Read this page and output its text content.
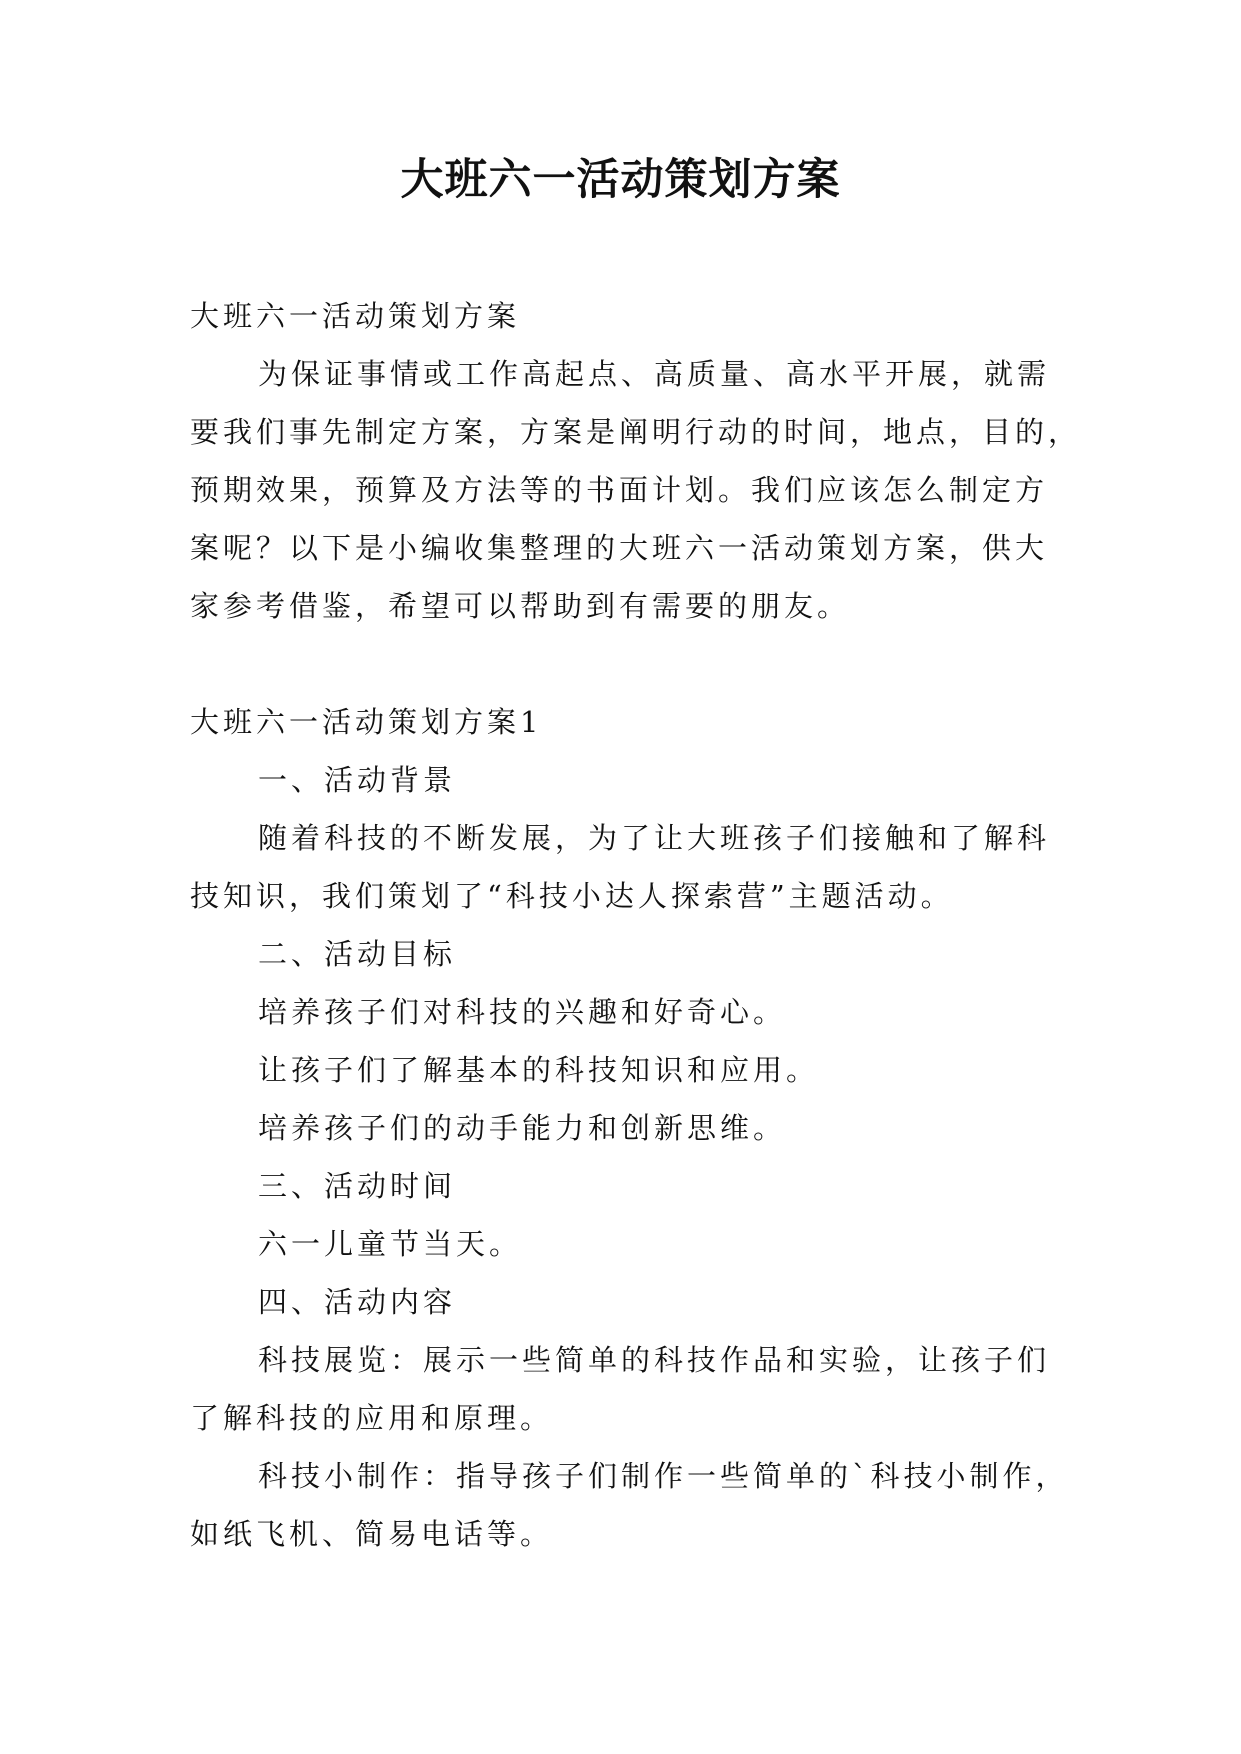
大班六一活动策划方案

大班六一活动策划方案

为保证事情或工作高起点、高质量、高水平开展，就需

要我们事先制定方案，方案是阐明行动的时间，地点，目的，

预期效果，预算及方法等的书面计划。我们应该怎么制定方

案呢？以下是小编收集整理的大班六一活动策划方案，供大

家参考借鉴，希望可以帮助到有需要的朋友。

大班六一活动策划方案1

一、活动背景

随着科技的不断发展，为了让大班孩子们接触和了解科

技知识，我们策划了“科技小达人探索营”主题活动。

二、活动目标

培养孩子们对科技的兴趣和好奇心。

让孩子们了解基本的科技知识和应用。

培养孩子们的动手能力和创新思维。

三、活动时间

六一儿童节当天。

四、活动内容

科技展览：展示一些简单的科技作品和实验，让孩子们

了解科技的应用和原理。

科技小制作：指导孩子们制作一些简单的`科技小制作，

如纸飞机、简易电话等。
